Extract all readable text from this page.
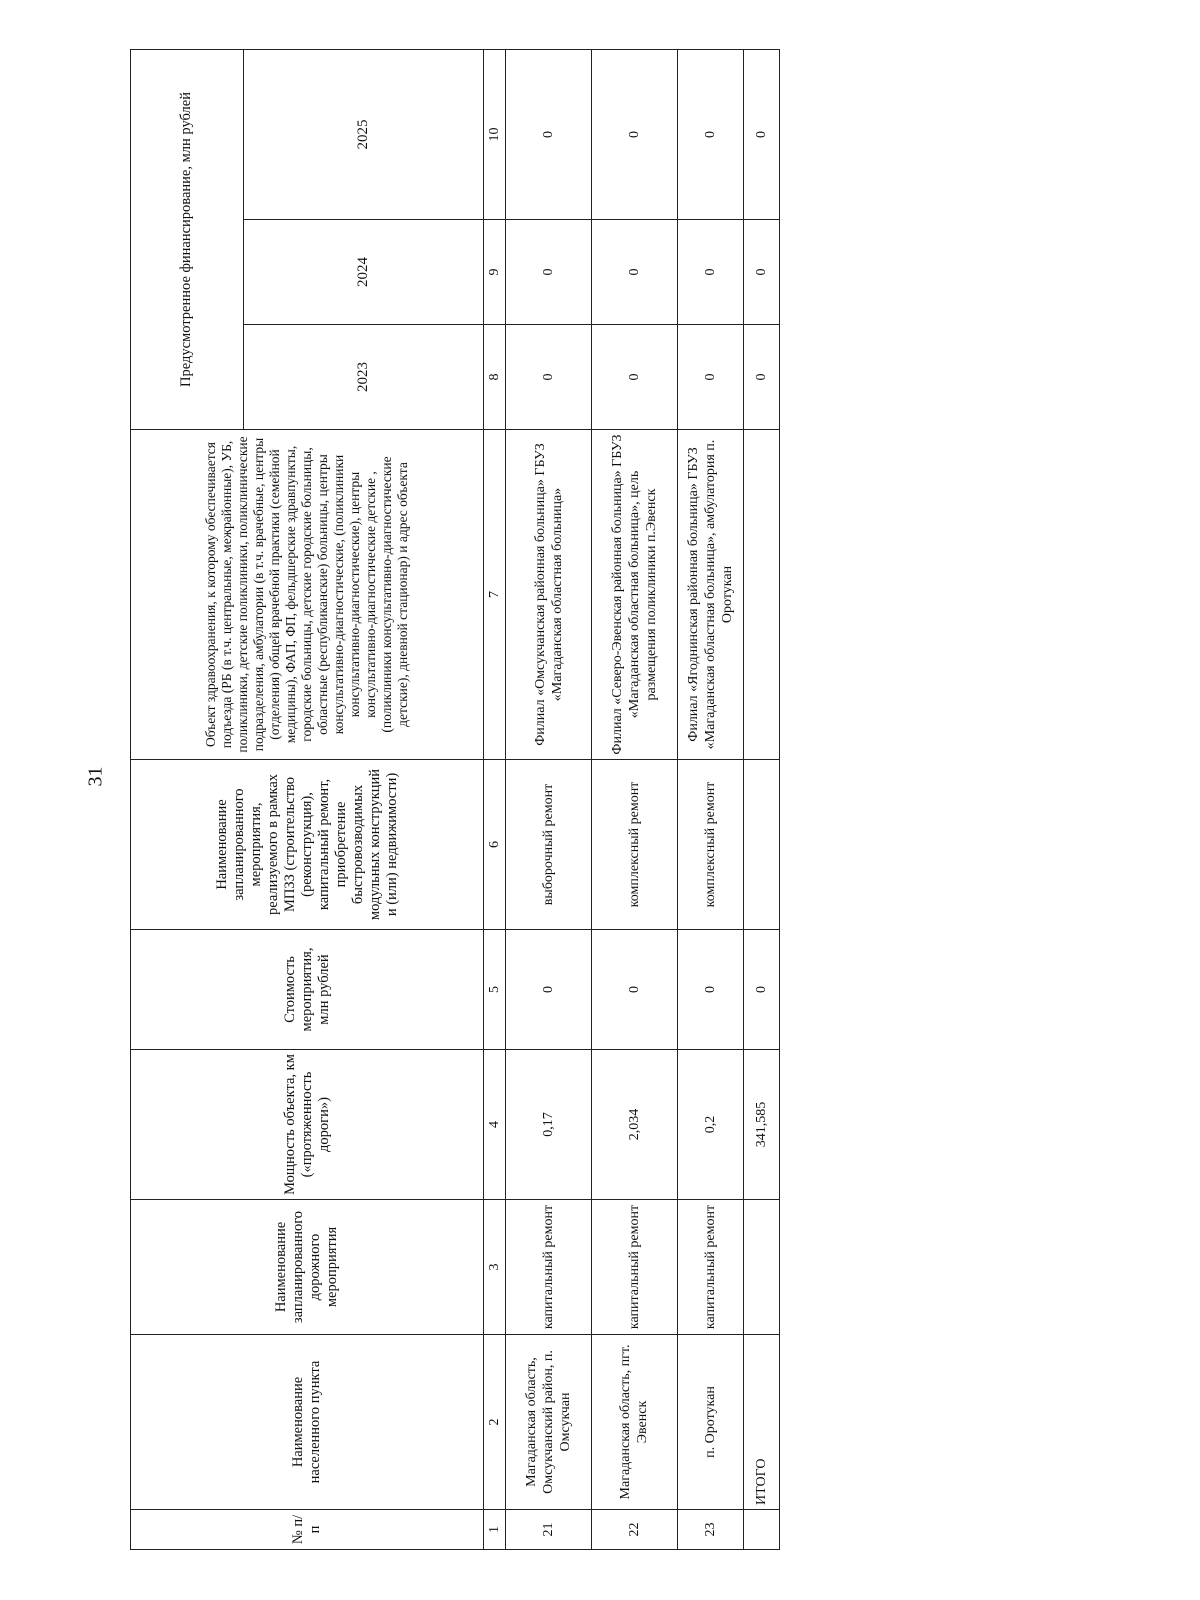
31
№ п/п	Наименование населенного пункта	Наименование запланированного дорожного мероприятия	Мощность объекта, км («протяженность дороги»)	Стоимость мероприятия, млн рублей	Наименование запланированного мероприятия, реализуемого в рамках МПЗЗ (строительство (реконструкция), капитальный ремонт, приобретение быстровозводимых модульных конструкций и (или) недвижимости)	Объект здравоохранения, к которому обеспечивается подъезда (РБ (в т.ч. центральные, межрайонные), УБ, поликлиники, детские поликлиники, поликлинические подразделения, амбулатории (в т.ч. врачебные, центры (отделения) общей врачебной практики (семейной медицины), ФАП, ФП, фельдшерские здравпункты, городские больницы, детские городские больницы, областные (республиканские) больницы, центры консультативно-диагностические, (поликлиники консультативно-диагностические), центры консультативно-диагностические детские , (поликлиники консультативно-диагностические детские), дневной стационар) и адрес объекта	Предусмотренное финансирование, млн рублей		
							2023	2024	2025
1	2	3	4	5	6	7	8	9	10
21	Магаданская область, Омсукчанский район, п. Омсукчан	капитальный ремонт	0,17	0	выборочный ремонт	Филиал «Омсукчанская районная больница» ГБУЗ «Магаданская областная больница»	0	0	0
22	Магаданская область, пгт. Эвенск	капитальный ремонт	2,034	0	комплексный ремонт	Филиал «Северо-Эвенская районная больница» ГБУЗ «Магаданская областная больница», цель размещения поликлиники п.Эвенск	0	0	0
23	п. Оротукан	капитальный ремонт	0,2	0	комплексный ремонт	Филиал «Ягоднинская районная больница» ГБУЗ «Магаданская областная больница», амбулатория п. Оротукан	0	0	0
	ИТОГО		341,585	0			0	0	0
